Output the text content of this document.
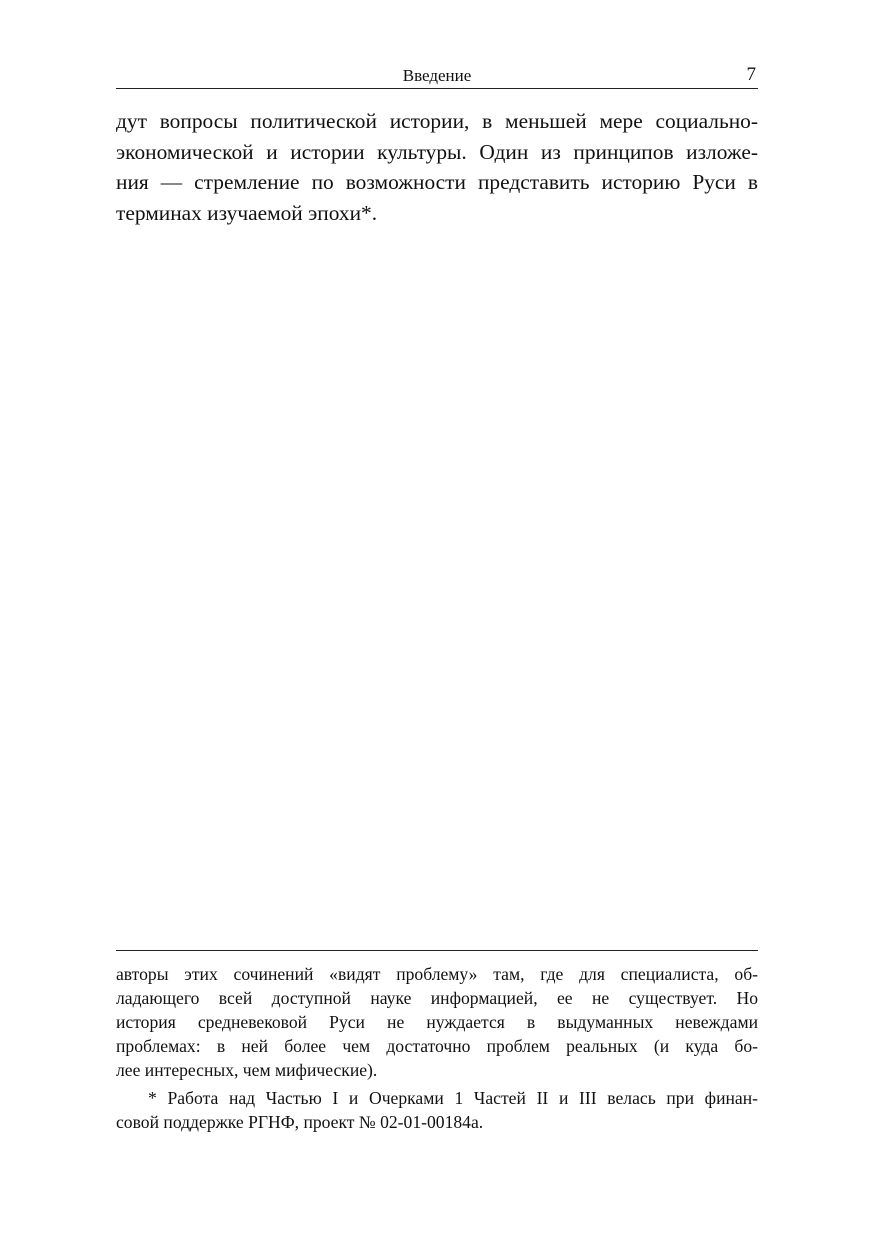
Введение	7
дут вопросы политической истории, в меньшей мере социально-
экономической и истории культуры. Один из принципов изложе-
ния — стремление по возможности представить историю Руси в
терминах изучаемой эпохи*.
авторы этих сочинений «видят проблему» там, где для специалиста, об-
ладающего всей доступной науке информацией, ее не существует. Но
история средневековой Руси не нуждается в выдуманных невеждами
проблемах: в ней более чем достаточно проблем реальных (и куда бо-
лее интересных, чем мифические).
* Работа над Частью I и Очерками 1 Частей II и III велась при финан-
совой поддержке РГНФ, проект № 02-01-00184а.
